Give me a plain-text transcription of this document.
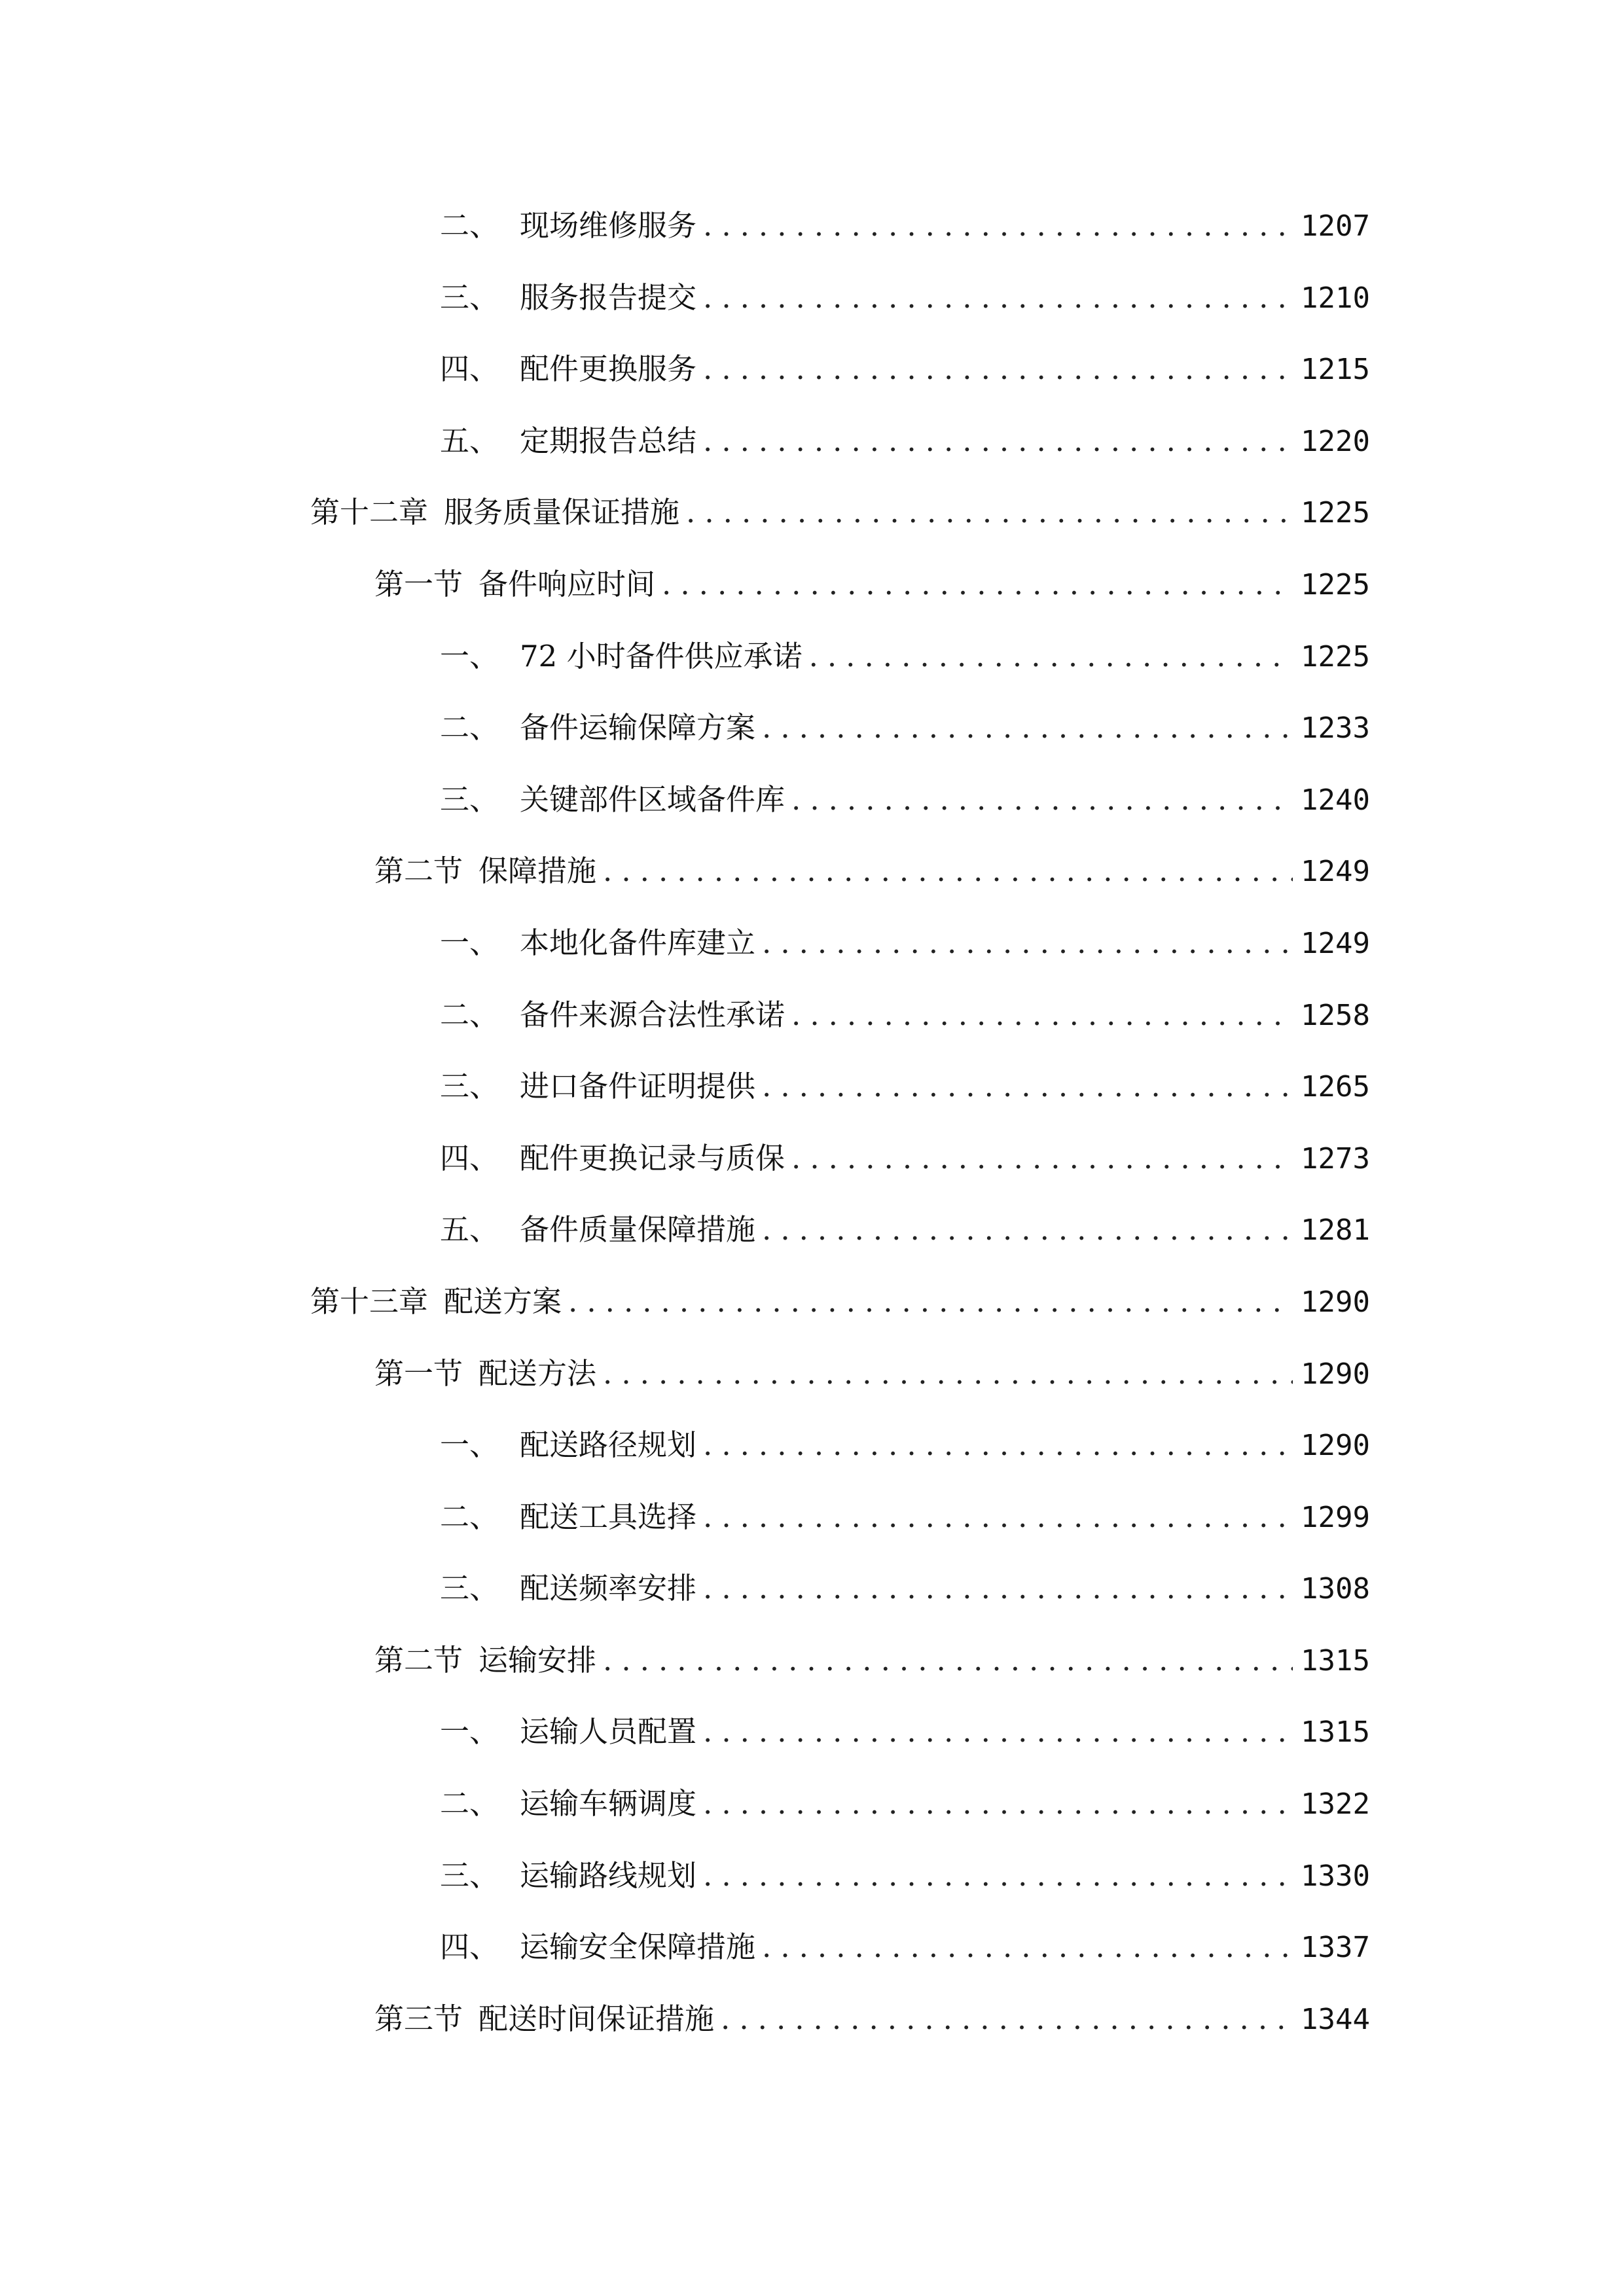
二、 现场维修服务 .....	1207
三、 服务报告提交 .....	1210
四、 配件更换服务 .....	1215
五、 定期报告总结 .....	1220
第十二章 服务质量保证措施 .....	1225
第一节 备件响应时间 .....	1225
一、 72 小时备件供应承诺 .....	1225
二、 备件运输保障方案 .....	1233
三、 关键部件区域备件库 .....	1240
第二节 保障措施 .....	1249
一、 本地化备件库建立 .....	1249
二、 备件来源合法性承诺 .....	1258
三、 进口备件证明提供 .....	1265
四、 配件更换记录与质保 .....	1273
五、 备件质量保障措施 .....	1281
第十三章 配送方案 .....	1290
第一节 配送方法 .....	1290
一、 配送路径规划 .....	1290
二、 配送工具选择 .....	1299
三、 配送频率安排 .....	1308
第二节 运输安排 .....	1315
一、 运输人员配置 .....	1315
二、 运输车辆调度 .....	1322
三、 运输路线规划 .....	1330
四、 运输安全保障措施 .....	1337
第三节 配送时间保证措施 .....	1344
